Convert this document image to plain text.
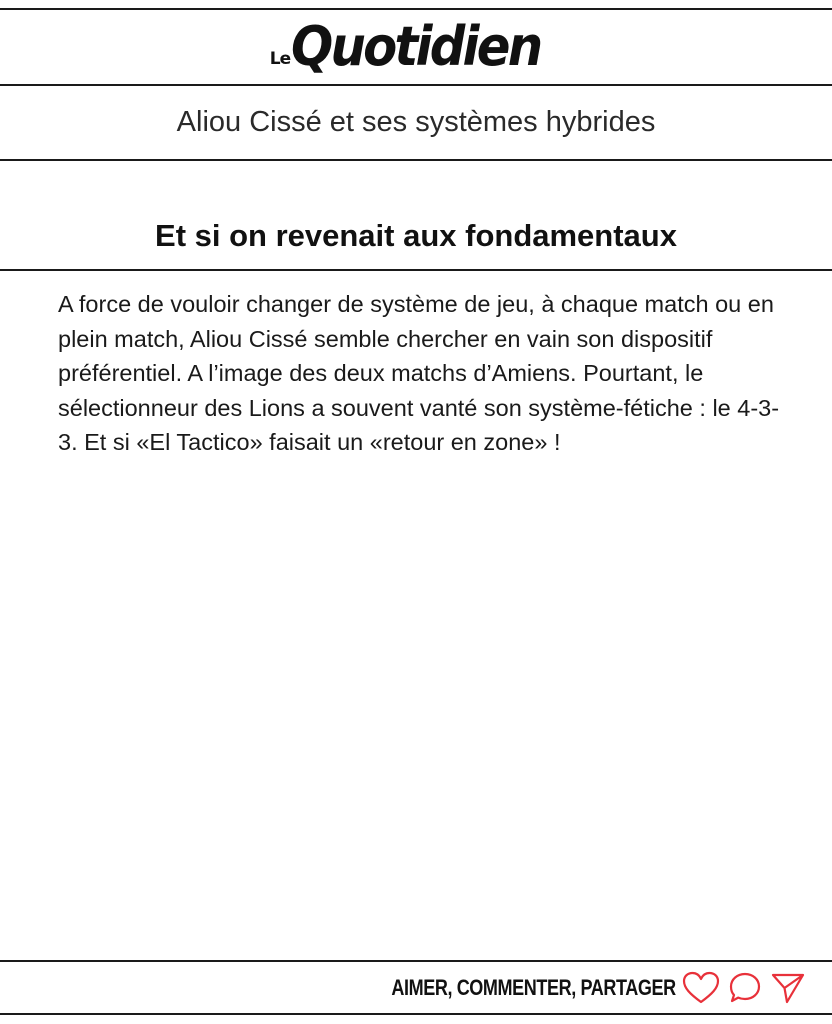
Le Quotidien
Aliou Cissé et ses systèmes hybrides
Et si on revenait aux fondamentaux

A force de vouloir changer de système de jeu, à chaque match ou en plein match, Aliou Cissé semble chercher en vain son dispositif préférentiel. A l’image des deux matchs d’Amiens. Pourtant, le sélectionneur des Lions a souvent vanté son système-fétiche : le 4-3-3. Et si «El Tactico» faisait un «retour en zone» !

AIMER, COMMENTER, PARTAGER
